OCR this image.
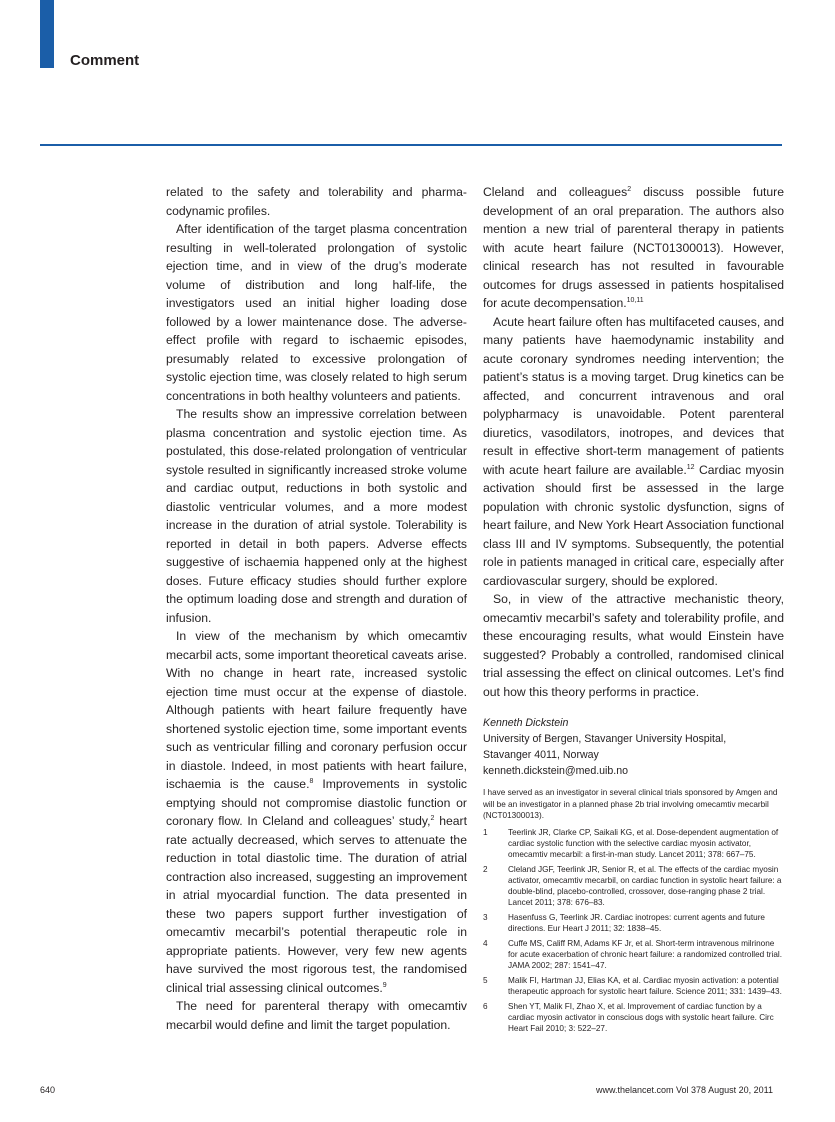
Comment

related to the safety and tolerability and pharma-codynamic profiles.

After identification of the target plasma concentration resulting in well-tolerated prolongation of systolic ejection time, and in view of the drug’s moderate volume of distribution and long half-life, the investigators used an initial higher loading dose followed by a lower maintenance dose. The adverse-effect profile with regard to ischaemic episodes, presumably related to excessive prolongation of systolic ejection time, was closely related to high serum concentrations in both healthy volunteers and patients.

The results show an impressive correlation between plasma concentration and systolic ejection time. As postulated, this dose-related prolongation of ventricular systole resulted in significantly increased stroke volume and cardiac output, reductions in both systolic and diastolic ventricular volumes, and a more modest increase in the duration of atrial systole. Tolerability is reported in detail in both papers. Adverse effects suggestive of ischaemia happened only at the highest doses. Future efficacy studies should further explore the optimum loading dose and strength and duration of infusion.

In view of the mechanism by which omecamtiv mecarbil acts, some important theoretical caveats arise. With no change in heart rate, increased systolic ejection time must occur at the expense of diastole. Although patients with heart failure frequently have shortened systolic ejection time, some important events such as ventricular filling and coronary perfusion occur in diastole. Indeed, in most patients with heart failure, ischaemia is the cause.$^8$ Improvements in systolic emptying should not compromise diastolic function or coronary flow. In Cleland and colleagues’ study,$^2$ heart rate actually decreased, which serves to attenuate the reduction in total diastolic time. The duration of atrial contraction also increased, suggesting an improvement in atrial myocardial function. The data presented in these two papers support further investigation of omecamtiv mecarbil’s potential therapeutic role in appropriate patients. However, very few new agents have survived the most rigorous test, the randomised clinical trial assessing clinical outcomes.$^9$

The need for parenteral therapy with omecamtiv mecarbil would define and limit the target population.

Cleland and colleagues$^2$ discuss possible future development of an oral preparation. The authors also mention a new trial of parenteral therapy in patients with acute heart failure (NCT01300013). However, clinical research has not resulted in favourable outcomes for drugs assessed in patients hospitalised for acute decompensation.$^{10,11}$

Acute heart failure often has multifaceted causes, and many patients have haemodynamic instability and acute coronary syndromes needing intervention; the patient’s status is a moving target. Drug kinetics can be affected, and concurrent intravenous and oral polypharmacy is unavoidable. Potent parenteral diuretics, vasodilators, inotropes, and devices that result in effective short-term management of patients with acute heart failure are available.$^{12}$ Cardiac myosin activation should first be assessed in the large population with chronic systolic dysfunction, signs of heart failure, and New York Heart Association functional class III and IV symptoms. Subsequently, the potential role in patients managed in critical care, especially after cardiovascular surgery, should be explored.

So, in view of the attractive mechanistic theory, omecamtiv mecarbil’s safety and tolerability profile, and these encouraging results, what would Einstein have suggested? Probably a controlled, randomised clinical trial assessing the effect on clinical outcomes. Let’s find out how this theory performs in practice.

Kenneth Dickstein
University of Bergen, Stavanger University Hospital,
Stavanger 4011, Norway
kenneth.dickstein@med.uib.no
I have served as an investigator in several clinical trials sponsored by Amgen and will be an investigator in a planned phase 2b trial involving omecamtiv mecarbil (NCT01300013).
1	Teerlink JR, Clarke CP, Saikali KG, et al. Dose-dependent augmentation of cardiac systolic function with the selective cardiac myosin activator, omecamtiv mecarbil: a first-in-man study. Lancet 2011; 378: 667–75.
2	Cleland JGF, Teerlink JR, Senior R, et al. The effects of the cardiac myosin activator, omecamtiv mecarbil, on cardiac function in systolic heart failure: a double-blind, placebo-controlled, crossover, dose-ranging phase 2 trial. Lancet 2011; 378: 676–83.
3	Hasenfuss G, Teerlink JR. Cardiac inotropes: current agents and future directions. Eur Heart J 2011; 32: 1838–45.
4	Cuffe MS, Califf RM, Adams KF Jr, et al. Short-term intravenous milrinone for acute exacerbation of chronic heart failure: a randomized controlled trial. JAMA 2002; 287: 1541–47.
5	Malik FI, Hartman JJ, Elias KA, et al. Cardiac myosin activation: a potential therapeutic approach for systolic heart failure. Science 2011; 331: 1439–43.
6	Shen YT, Malik FI, Zhao X, et al. Improvement of cardiac function by a cardiac myosin activator in conscious dogs with systolic heart failure. Circ Heart Fail 2010; 3: 522–27.
640	www.thelancet.com Vol 378 August 20, 2011
